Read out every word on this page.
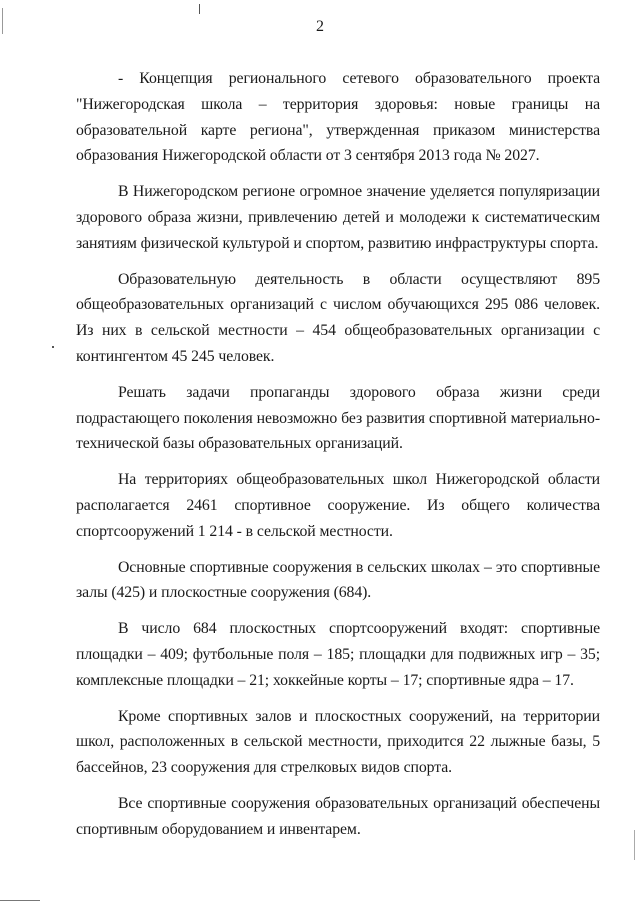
2

- Концепция регионального сетевого образовательного проекта "Нижегородская школа – территория здоровья: новые границы на образовательной карте региона", утвержденная приказом министерства образования Нижегородской области от 3 сентября 2013 года № 2027.

В Нижегородском регионе огромное значение уделяется популяризации здорового образа жизни, привлечению детей и молодежи к систематическим занятиям физической культурой и спортом, развитию инфраструктуры спорта.

Образовательную деятельность в области осуществляют 895 общеобразовательных организаций с числом обучающихся 295 086 человек. Из них в сельской местности – 454 общеобразовательных организации с контингентом 45 245 человек.

Решать задачи пропаганды здорового образа жизни среди подрастающего поколения невозможно без развития спортивной материально-технической базы образовательных организаций.

На территориях общеобразовательных школ Нижегородской области располагается 2461 спортивное сооружение. Из общего количества спортсооружений 1 214 - в сельской местности.

Основные спортивные сооружения в сельских школах – это спортивные залы (425) и плоскостные сооружения (684).

В число 684 плоскостных спортсооружений входят: спортивные площадки – 409; футбольные поля – 185; площадки для подвижных игр – 35; комплексные площадки – 21; хоккейные корты – 17; спортивные ядра – 17.

Кроме спортивных залов и плоскостных сооружений, на территории школ, расположенных в сельской местности, приходится 22 лыжные базы, 5 бассейнов, 23 сооружения для стрелковых видов спорта.

Все спортивные сооружения образовательных организаций обеспечены спортивным оборудованием и инвентарем.
